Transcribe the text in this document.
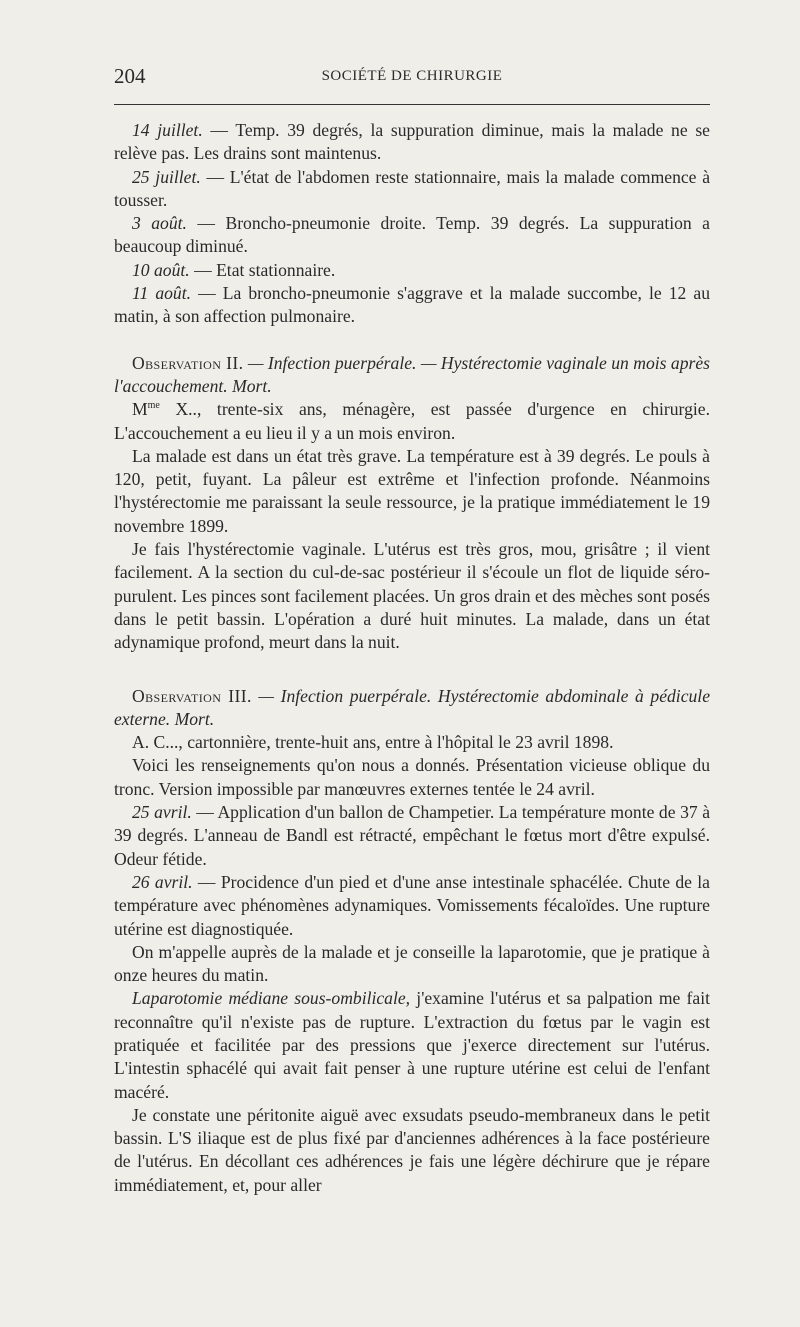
204	SOCIÉTÉ DE CHIRURGIE

14 juillet. — Temp. 39 degrés, la suppuration diminue, mais la malade ne se relève pas. Les drains sont maintenus.

25 juillet. — L'état de l'abdomen reste stationnaire, mais la malade commence à tousser.

3 août. — Broncho-pneumonie droite. Temp. 39 degrés. La suppuration a beaucoup diminué.

10 août. — Etat stationnaire.

11 août. — La broncho-pneumonie s'aggrave et la malade succombe, le 12 au matin, à son affection pulmonaire.

Observation II. — Infection puerpérale. — Hystérectomie vaginale un mois après l'accouchement. Mort.

$M^{me}$ X.., trente-six ans, ménagère, est passée d'urgence en chirurgie. L'accouchement a eu lieu il y a un mois environ.

La malade est dans un état très grave. La température est à 39 degrés. Le pouls à 120, petit, fuyant. La pâleur est extrême et l'infection profonde. Néanmoins l'hystérectomie me paraissant la seule ressource, je la pratique immédiatement le 19 novembre 1899.

Je fais l'hystérectomie vaginale. L'utérus est très gros, mou, grisâtre ; il vient facilement. A la section du cul-de-sac postérieur il s'écoule un flot de liquide séro-purulent. Les pinces sont facilement placées. Un gros drain et des mèches sont posés dans le petit bassin. L'opération a duré huit minutes. La malade, dans un état adynamique profond, meurt dans la nuit.

Observation III. — Infection puerpérale. Hystérectomie abdominale à pédicule externe. Mort.

A. C..., cartonnière, trente-huit ans, entre à l'hôpital le 23 avril 1898.

Voici les renseignements qu'on nous a donnés. Présentation vicieuse oblique du tronc. Version impossible par manœuvres externes tentée le 24 avril.

25 avril. — Application d'un ballon de Champetier. La température monte de 37 à 39 degrés. L'anneau de Bandl est rétracté, empêchant le fœtus mort d'être expulsé. Odeur fétide.

26 avril. — Procidence d'un pied et d'une anse intestinale sphacélée. Chute de la température avec phénomènes adynamiques. Vomissements fécaloïdes. Une rupture utérine est diagnostiquée.

On m'appelle auprès de la malade et je conseille la laparotomie, que je pratique à onze heures du matin.

Laparotomie médiane sous-ombilicale, j'examine l'utérus et sa palpation me fait reconnaître qu'il n'existe pas de rupture. L'extraction du fœtus par le vagin est pratiquée et facilitée par des pressions que j'exerce directement sur l'utérus. L'intestin sphacélé qui avait fait penser à une rupture utérine est celui de l'enfant macéré.

Je constate une péritonite aiguë avec exsudats pseudo-membraneux dans le petit bassin. L'S iliaque est de plus fixé par d'anciennes adhérences à la face postérieure de l'utérus. En décollant ces adhérences je fais une légère déchirure que je répare immédiatement, et, pour aller
